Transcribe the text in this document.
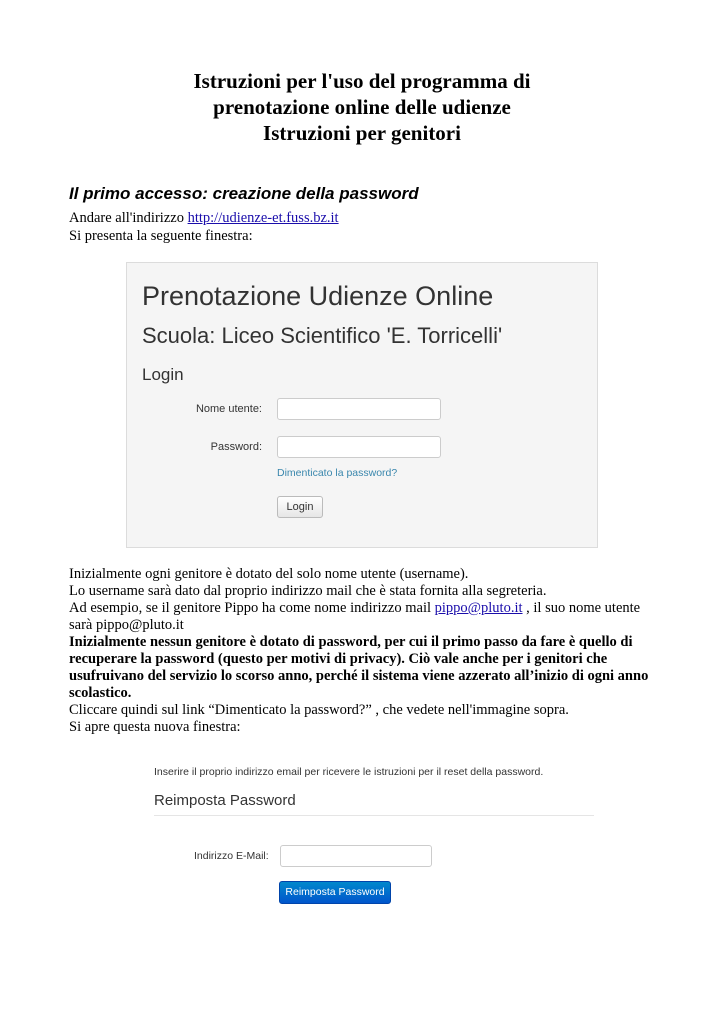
Istruzioni per l'uso del programma di
prenotazione online delle udienze
Istruzioni per genitori
Il primo accesso: creazione della password
Andare all'indirizzo http://udienze-et.fuss.bz.it
Si presenta la seguente finestra:
Prenotazione Udienze Online
Scuola: Liceo Scientifico 'E. Torricelli'
Login
Nome utente:
Password:
Dimenticato la password?
Login
Inizialmente ogni genitore è dotato del solo nome utente (username).
Lo username sarà dato dal proprio indirizzo mail che è stata fornita alla segreteria.
Ad esempio, se il genitore Pippo ha come nome indirizzo mail pippo@pluto.it , il suo nome utente
sarà pippo@pluto.it
Inizialmente nessun genitore è dotato di password, per cui il primo passo da fare è quello di
recuperare la password (questo per motivi di privacy). Ciò vale anche per i genitori che
usufruivano del servizio lo scorso anno, perché il sistema viene azzerato all’inizio di ogni anno
scolastico.
Cliccare quindi sul link “Dimenticato la password?” , che vedete nell'immagine sopra.
Si apre questa nuova finestra:
Inserire il proprio indirizzo email per ricevere le istruzioni per il reset della password.
Reimposta Password
Indirizzo E-Mail:
Reimposta Password
